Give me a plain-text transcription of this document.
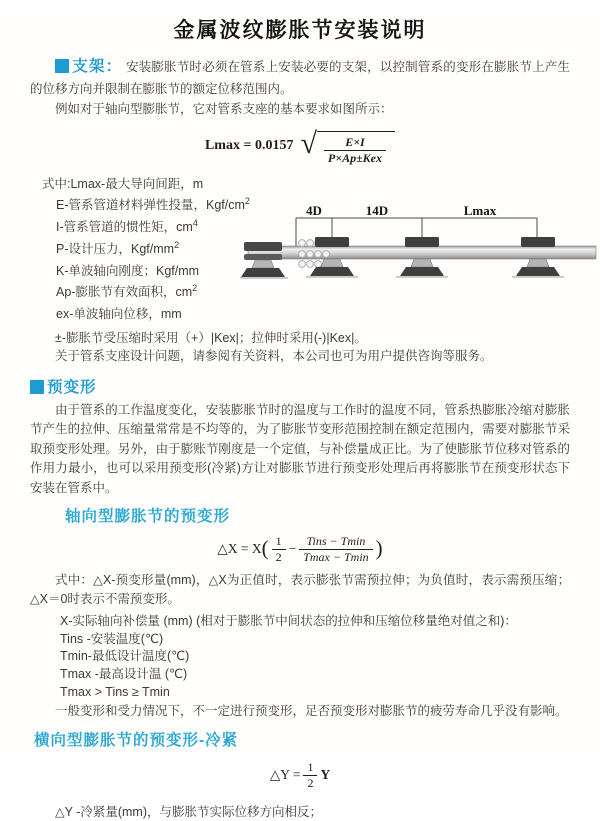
金属波纹膨胀节安装说明

支架： 安装膨胀节时必须在管系上安装必要的支架，以控制管系的变形在膨胀节上产生的位移方向并限制在膨胀节的额定位移范围内。

例如对于轴向型膨胀节，它对管系支座的基本要求如图所示：

Lmax = 0.0157 √ $\frac{E\times I}{\text{P×Ap±Kex}}$
式中:Lmax-最大导向间距，m
E-管系管道材料弹性投量，Kgf/$cm^2$
I-管系管道的惯性矩，$cm^4$
P-设计压力，Kgf/$mm^2$
K-单波轴向刚度；Kgf/mm
Ap-膨胀节有效面积，$cm^2$
ex-单波轴向位移，mm
4D	14D	Lmax

±-膨胀节受压缩时采用（+）|Kex|；拉伸时采用(-)|Kex|。

关于管系支座设计问题，请参阅有关资料，本公司也可为用户提供咨询等服务。

预变形

由于管系的工作温度变化，安装膨胀节时的温度与工作时的温度不同，管系热膨胀冷缩对膨胀节产生的拉伸、压缩量常常是不均等的，为了膨胀节变形范围控制在额定范围内，需要对膨胀节采取预变形处理。另外，由于膨账节刚度是一个定值，与补偿量成正比。为了使膨胀节位移对管系的作用力最小，也可以采用预变形(冷紧)方让对膨胀节进行预变形处理后再将膨胀节在预变形状态下安装在管系中。

轴向型膨胀节的预变形
△X = X ( $\frac{1}{2} - \frac{\text{Tins − Tmin}}{Tmax - Tmin}$ )

式中：△X-预变形量(mm)，△X为正值时，表示膨张节需预拉伸；为负值时，表示需预压缩；△X＝0时表示不需预变形。

X-实际轴向补偿量 (mm) (相对于膨胀节中间状态的拉伸和压缩位移量绝对值之和)：
Tins -安装温度(℃)
Tmin-最低设计温度(℃)
Tmax -最高设计温 (℃)
Tmax > Tins ≥ Tmin

一般变形和受力情况下，不一定进行预变形，足否预变形对膨胀节的疲劳寿命几乎没有影响。

横向型膨胀节的预变形-冷紧
△Y = $\frac{1}{2}$ Y

△Y -冷紧量(mm)，与膨胀节实际位移方向相反；
